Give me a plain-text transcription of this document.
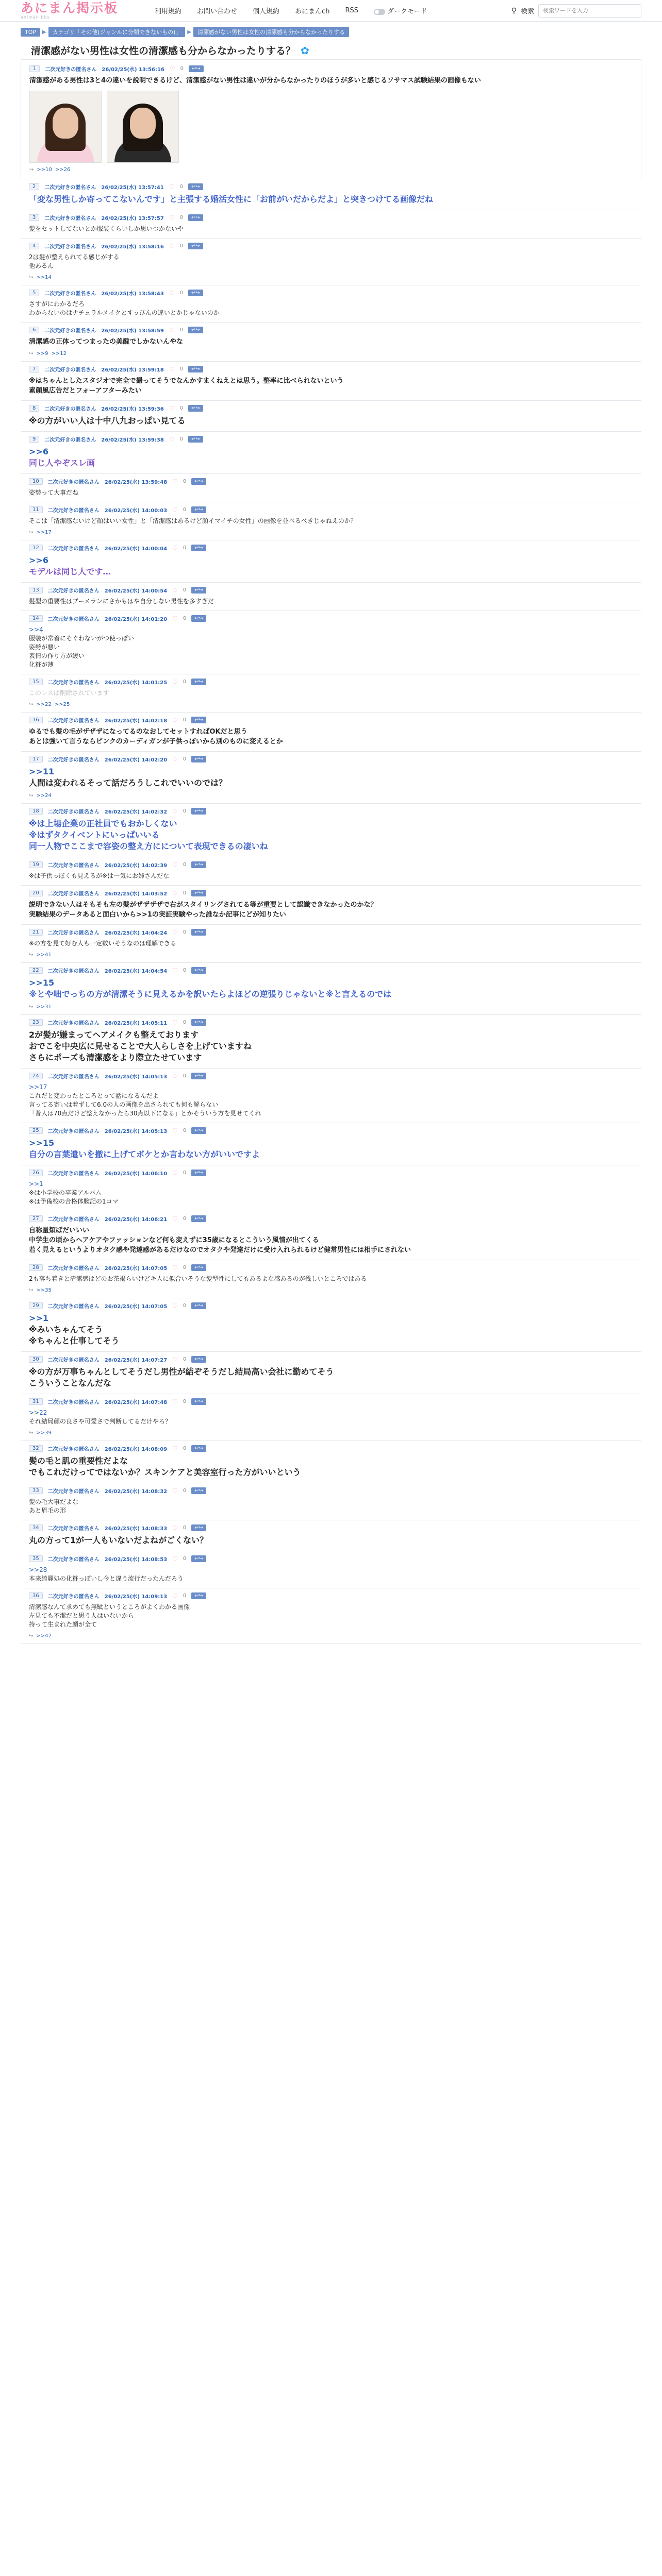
あにまん掲示板
animan bbs
利用規約 お問い合わせ 個人規約 あにまんch RSS	ダークモード	⚲ 検索
検索ワードを入力
TOP	▶	カテゴリ「その他(ジャンルに分類できないもの)」	▶	清潔感がない男性は女性の清潔感も分からなかったりする
清潔感がない男性は女性の清潔感も分からなかったりする？ ✿
1	二次元好きの匿名さん 26/02/25(水) 13:56:16 ♡ 0	↩↪
清潔感がある男性は3と4の違いを説明できるけど、清潔感がない男性は違いが分からなかったりのほうが多いと感じるソサマス試験結果の画像もない
↪ >>10 >>26
2	二次元好きの匿名さん 26/02/25(水) 13:57:41 ♡ 0	↩↪
「変な男性しか寄ってこないんです」と主張する婚活女性に「お前がいだからだよ」と突きつけてる画像だね
3	二次元好きの匿名さん 26/02/25(水) 13:57:57 ♡ 0	↩↪
髪をセットしてないとか服装くらいしか思いつかないや
4	二次元好きの匿名さん 26/02/25(水) 13:58:16 ♡ 0	↩↪
2は髪が整えられてる感じがする
他あるん
↪ >>14
5	二次元好きの匿名さん 26/02/25(水) 13:58:43 ♡ 0	↩↪
さすがにわかるだろ
わからないのはナチュラルメイクとすっぴんの違いとかじゃないのか
6	二次元好きの匿名さん 26/02/25(水) 13:58:59 ♡ 0	↩↪
清潔感の正体ってつまったの美醜でしかないんやな
↪ >>9 >>12
7	二次元好きの匿名さん 26/02/25(水) 13:59:18 ♡ 0	↩↪
※はちゃんとしたスタジオで完全で撮ってそうでなんかすまくねえとは思う。整率に比べられないという
素顔風広告だとフォーアフターみたい
8	二次元好きの匿名さん 26/02/25(水) 13:59:36 ♡ 0	↩↪
※の方がいい人は十中八九おっぱい見てる
9	二次元好きの匿名さん 26/02/25(水) 13:59:38 ♡ 0	↩↪
>>6
同じ人やぞスレ画
10	二次元好きの匿名さん 26/02/25(水) 13:59:48 ♡ 0	↩↪
姿勢って大事だね
11	二次元好きの匿名さん 26/02/25(水) 14:00:03 ♡ 0	↩↪
そこは「清潔感ないけど顔はいい女性」と「清潔感はあるけど顔イマイチの女性」の画像を並べるべきじゃねえのか？
↪ >>17
12	二次元好きの匿名さん 26/02/25(水) 14:00:04 ♡ 0	↩↪
>>6
モデルは同じ人です…
13	二次元好きの匿名さん 26/02/25(水) 14:00:54 ♡ 0	↩↪
髪型の重要性はブーメランにさかもはや自分しない男性を多すぎだ
14	二次元好きの匿名さん 26/02/25(水) 14:01:20 ♡ 0	↩↪
>>4
服装が常着にそぐわないがつ使っぽい
姿勢が悪い
表情の作り方が緩い
化粧が薄
15	二次元好きの匿名さん 26/02/25(水) 14:01:25 ♡ 0	↩↪
このレスは削除されています
↪ >>22 >>25
16	二次元好きの匿名さん 26/02/25(水) 14:02:18 ♡ 0	↩↪
ゆるでも髪の毛がザザザになってるのなおしてセットすればOKだと思う
あとは強いて言うならピンクのカーディガンが子供っぽいから別のものに変えるとか
17	二次元好きの匿名さん 26/02/25(水) 14:02:20 ♡ 0	↩↪
>>11
人間は変われるそって話だろうしこれでいいのでは？
↪ >>24
18	二次元好きの匿名さん 26/02/25(水) 14:02:32 ♡ 0	↩↪
※は上場企業の正社員でもおかしくない
※はずタクイベントにいっぱいいる
同一人物でここまで容姿の整え方にについて表現できるの凄いね
19	二次元好きの匿名さん 26/02/25(水) 14:02:39 ♡ 0	↩↪
※は子供っぽくも見えるが※は一気にお姉さんだな
20	二次元好きの匿名さん 26/02/25(水) 14:03:52 ♡ 0	↩↪
説明できない人はそもそも左の髪がザザザザで右がスタイリングされてる等が重要として認識できなかったのかな？
実験結果のデータあると面白いから>>1の実証実験やった誰なか記事にどが知りたい
21	二次元好きの匿名さん 26/02/25(水) 14:04:24 ♡ 0	↩↪
※の方を見て好む人も一定数いそうなのは理解できる
↪ >>41
22	二次元好きの匿名さん 26/02/25(水) 14:04:54 ♡ 0	↩↪
>>15
※とや咄でっちの方が清潔そうに見えるかを訳いたらよほどの逆張りじゃないと※と言えるのでは
↪ >>31
23	二次元好きの匿名さん 26/02/25(水) 14:05:11 ♡ 0	↩↪
2が髪が嫌まってヘアメイクも整えております
おでこを中央広に見せることで大人らしさを上げていますね
さらにポーズも清潔感をより際立たせています
24	二次元好きの匿名さん 26/02/25(水) 14:05:13 ♡ 0	↩↪
>>17
これだと変わったところとって話になるんだよ
言ってる寄いは着ずして6.0の人の画像を出さられても何も解らない
「普人は70点だけど整えなかったら30点以下になる」とかそういう方を見せてくれ
25	二次元好きの匿名さん 26/02/25(水) 14:05:13 ♡ 0	↩↪
>>15
自分の言葉遣いを撤に上げてボケとか言わない方がいいですよ
26	二次元好きの匿名さん 26/02/25(水) 14:06:10 ♡ 0	↩↪
>>1
※は小学校の卒業アルバム
※は予備校の合格体験記の1コマ
27	二次元好きの匿名さん 26/02/25(水) 14:06:21 ♡ 0	↩↪
自称量類ばだいいい
中学生の頃からヘアケアやファッションなど何も変えずに35歳になるとこういう風情が出てくる
若く見えるというよりオタク感や発達感があるだけなのでオタクや発達だけに受け入れられるけど健常男性には相手にされない
28	二次元好きの匿名さん 26/02/25(水) 14:07:05 ♡ 0	↩↪
2も落ち着きと清潔感はどのお茶褐らいけどキ人に似合いそうな髪型性にしてもあるよな感あるのが残しいところではある
↪ >>35
29	二次元好きの匿名さん 26/02/25(水) 14:07:05 ♡ 0	↩↪
>>1
※みいちゃんてそう
※ちゃんと仕事してそう
30	二次元好きの匿名さん 26/02/25(水) 14:07:27 ♡ 0	↩↪
※の方が万事ちゃんとしてそうだし男性が結ぞそうだし結局高い会社に勤めてそう
こういうことなんだな
31	二次元好きの匿名さん 26/02/25(水) 14:07:48 ♡ 0	↩↪
>>22
それ結局顔の良さや可愛さで判断してるだけやろ？
↪ >>39
32	二次元好きの匿名さん 26/02/25(水) 14:08:09 ♡ 0	↩↪
髪の毛と肌の重要性だよな
でもこれだけってではないか？スキンケアと美容室行った方がいいという
33	二次元好きの匿名さん 26/02/25(水) 14:08:32 ♡ 0	↩↪
髪の毛大事だよな
あと眉毛の形
34	二次元好きの匿名さん 26/02/25(水) 14:08:33 ♡ 0	↩↪
丸の方って1が一人もいないだよねがごくない？
35	二次元好きの匿名さん 26/02/25(水) 14:08:53 ♡ 0	↩↪
>>28
本来綺麗処の化粧っぽいし今と違う流行だったんだろう
36	二次元好きの匿名さん 26/02/25(水) 14:09:13 ♡ 0	↩↪
清潔感なんて求めても無駄というところがよくわかる画像
左見ても不潔だと思う人はいないから
持って生まれた顔が全て
↪ >>42
